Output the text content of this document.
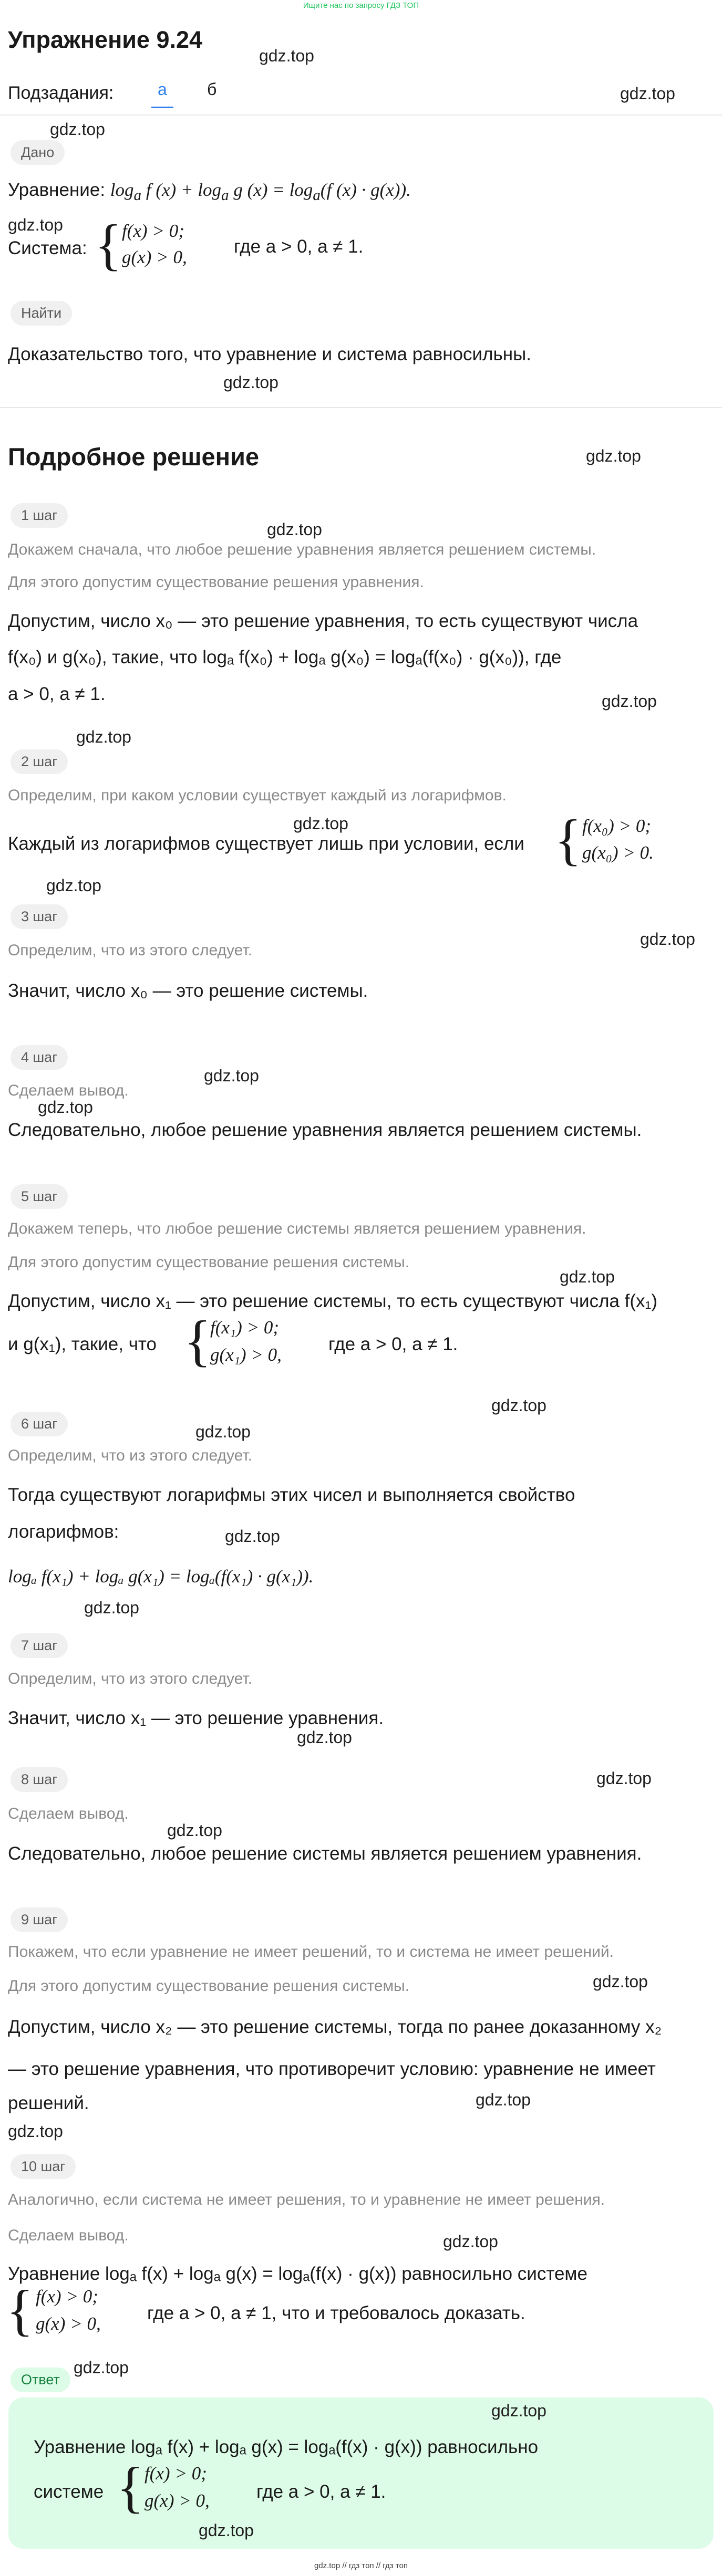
Ищите нас по запросу ГДЗ ТОП
Упражнение 9.24
gdz.top
Подзадания:	а	б	gdz.top
gdz.top
Дано
Уравнение: $\log_a f$ $(x) + \log_a g$ $(x) = \log_a(f$ (x) · g(x)).
gdz.top
Система: { f(x) > 0;
g(x) > 0,
где a > 0, a ≠ 1.
Найти
Доказательство того, что уравнение и система равносильны.
gdz.top
Подробное решение	gdz.top
1 шаг
gdz.top
Докажем сначала, что любое решение уравнения является решением системы.
Для этого допустим существование решения уравнения.
Допустим, число x₀ — это решение уравнения, то есть существуют числа
f(x₀) и g(x₀), такие, что logₐ f(x₀) + logₐ g(x₀) = logₐ(f(x₀) · g(x₀)), где
a > 0, a ≠ 1.	gdz.top
gdz.top
2 шаг
Определим, при каком условии существует каждый из логарифмов.
gdz.top
Каждый из логарифмов существует лишь при условии, если { f(x₀) > 0;
g(x₀) > 0.
gdz.top
3 шаг
gdz.top
Определим, что из этого следует.
Значит, число x₀ — это решение системы.
4 шаг
gdz.top
Сделаем вывод.
gdz.top
Следовательно, любое решение уравнения является решением системы.
5 шаг
Докажем теперь, что любое решение системы является решением уравнения.
Для этого допустим существование решения системы.
gdz.top
Допустим, число x₁ — это решение системы, то есть существуют числа f(x₁)
и g(x₁), такие, что {
f(x₁) > 0;
g(x₁) > 0,
где a > 0, a ≠ 1.
gdz.top
6 шаг	gdz.top
Определим, что из этого следует.
Тогда существуют логарифмы этих чисел и выполняется свойство
логарифмов:	gdz.top
logₐ f(x₁) + logₐ g(x₁) = logₐ(f(x₁) · g(x₁)).
gdz.top
7 шаг
Определим, что из этого следует.
Значит, число x₁ — это решение уравнения.
gdz.top
8 шаг	gdz.top
Сделаем вывод.
gdz.top
Следовательно, любое решение системы является решением уравнения.
9 шаг
Покажем, что если уравнение не имеет решений, то и система не имеет решений.
gdz.top
Для этого допустим существование решения системы.
Допустим, число x₂ — это решение системы, тогда по ранее доказанному x₂
— это решение уравнения, что противоречит условию: уравнение не имеет
решений.	gdz.top
gdz.top
10 шаг
Аналогично, если система не имеет решения, то и уравнение не имеет решения.
Сделаем вывод.	gdz.top
Уравнение logₐ f(x) + logₐ g(x) = logₐ(f(x) · g(x)) равносильно системе
{ f(x) > 0;
g(x) > 0,
где a > 0, a ≠ 1, что и требовалось доказать.
gdz.top
Ответ
gdz.top
Уравнение logₐ f(x) + logₐ g(x) = logₐ(f(x) · g(x)) равносильно
системе { f(x) > 0;
g(x) > 0,	где a > 0, a ≠ 1.
gdz.top
gdz.top // гдз топ // гдз топ
